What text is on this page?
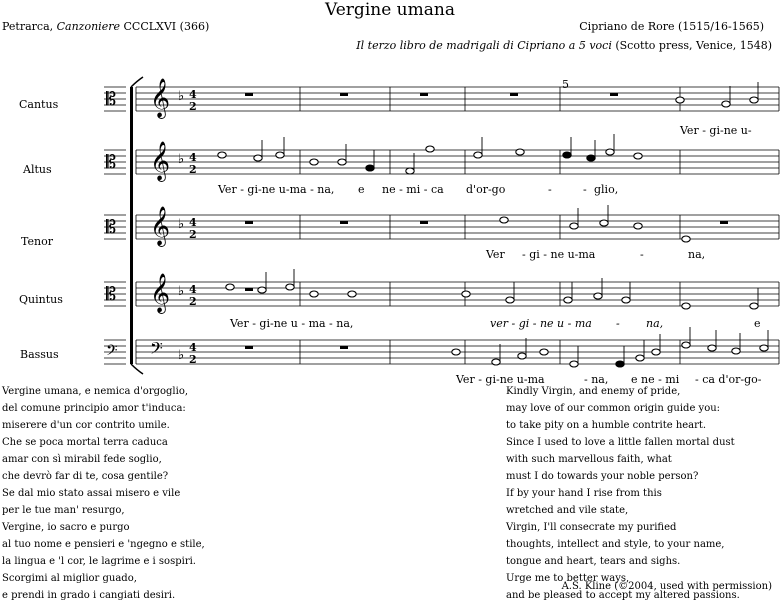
Vergine umana
Petrarca, Canzoniere CCCLXVI (366)	Cipriano de Rore (1515/16-1565)
Il terzo libro de madrigali di Cipriano a 5 voci (Scotto press, Venice, 1548)
Cantus
Altus
Tenor
Quintus
Bassus
5
𝄡 𝄞 ♭ 4
2
𝄡 𝄞 ♭ 4
2
𝄡 𝄞 ♭ 4
2
𝄡 𝄞 ♭ 4
2
𝄢 𝄢 ♭
4
2
Ver - gi-ne u-
Ver - gi-ne u-ma - na, e ne - mi - ca d'or-go	-	- glio,
Ver - gi - ne u-ma	-	na,
Ver - gi-ne u - ma - na,	ver - gi - ne u - ma - na,	e
Ver - gi-ne u-ma	- na, e ne - mi - ca d'or-go-
Vergine umana, e nemica d'orgoglio,
del comune principio amor t'induca:
miserere d'un cor contrito umile.
Che se poca mortal terra caduca
amar con sì mirabil fede soglio,
che devrò far di te, cosa gentile?
Se dal mio stato assai misero e vile
per le tue man' resurgo,
Vergine, io sacro e purgo
al tuo nome e pensieri e 'ngegno e stile,
la lingua e 'l cor, le lagrime e i sospiri.
Scorgimi al miglior guado,
e prendi in grado i cangiati desiri.
Kindly Virgin, and enemy of pride,
may love of our common origin guide you:
to take pity on a humble contrite heart.
Since I used to love a little fallen mortal dust
with such marvellous faith, what
must I do towards your noble person?
If by your hand I rise from this
wretched and vile state,
Virgin, I'll consecrate my purified
thoughts, intellect and style, to your name,
tongue and heart, tears and sighs.
Urge me to better ways,
and be pleased to accept my altered passions.
A.S. Kline (©2004, used with permission)
